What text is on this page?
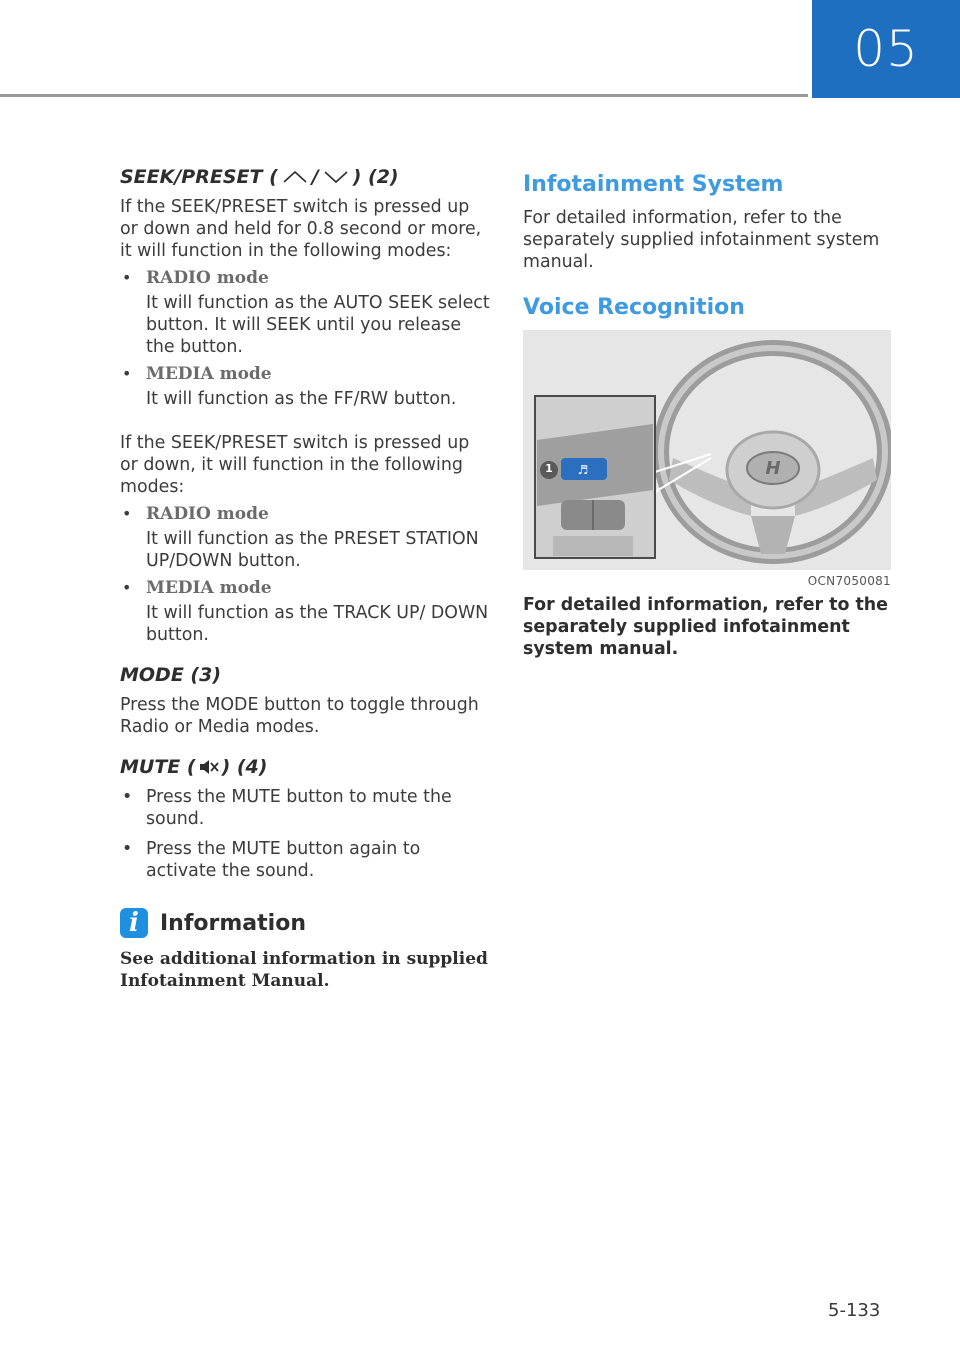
05
SEEK/PRESET ( / ) (2)

If the SEEK/PRESET switch is pressed up or down and held for 0.8 second or more, it will function in the following modes:

• RADIO mode
It will function as the AUTO SEEK select button. It will SEEK until you release the button.
• MEDIA mode
It will function as the FF/RW button.

If the SEEK/PRESET switch is pressed up or down, it will function in the following modes:

• RADIO mode
It will function as the PRESET STATION UP/DOWN button.
• MEDIA mode
It will function as the TRACK UP/ DOWN button.
MODE (3)

Press the MODE button to toggle through Radio or Media modes.

MUTE ( ) (4)
• Press the MUTE button to mute the sound.
• Press the MUTE button again to activate the sound.
i Information
See additional information in supplied Infotainment Manual.
Infotainment System

For detailed information, refer to the separately supplied infotainment system manual.

Voice Recognition
H
♬
1
OCN7050081
For detailed information, refer to the separately supplied infotainment system manual.
5-133
